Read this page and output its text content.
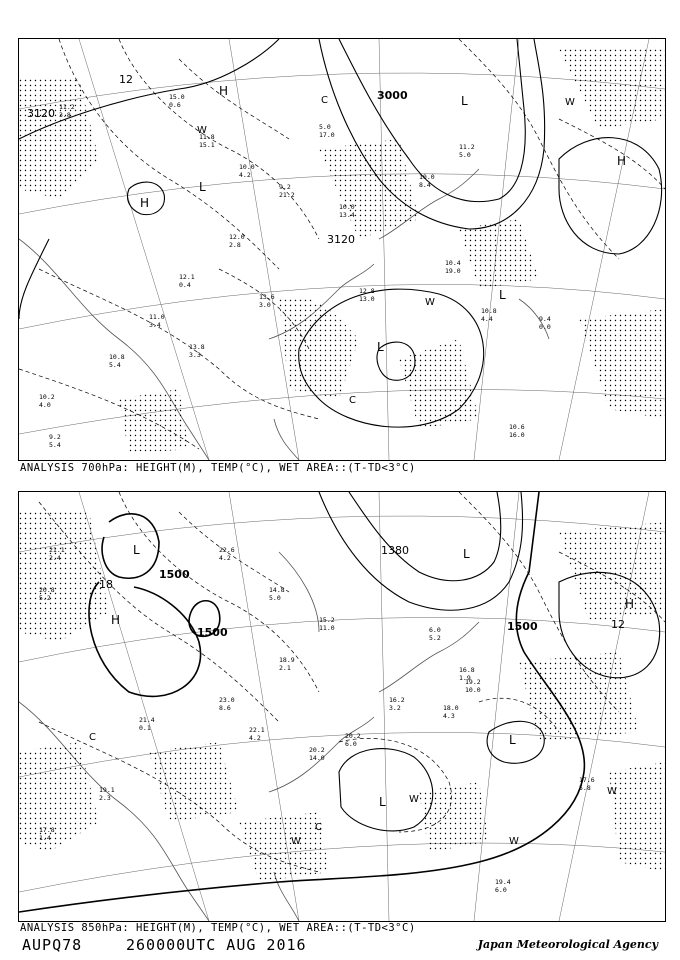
11.2
3.8
15.0
0.6
11.8
15.1
10.0
4.2
9.2
21.2
5.0
17.0
10.0
13.4
12.0
2.8
12.1
0.4
11.0
3.4
10.8
5.4
10.2
4.0
10.0
8.4
11.2
5.0
13.6
3.0
13.8
3.3
9.2
5.4
10.6
16.0
10.8
4.4	9.4
0.0
12.8
13.0
10.4
19.0
3120
3000
3120
12
H
H
H
L
L
L
L
W
W
W
C
C
ANALYSIS 700hPa: HEIGHT(M), TEMP(°C), WET AREA::(T-TD<3°C)
21.1
2.4
20.8
5.2
22.6
4.2
14.8
5.0
15.2
11.0
18.9
2.1
23.0
8.6
22.1
4.2
21.4
0.1
19.1
2.3
17.8
1.4
6.0
5.2
16.8
1.9
16.2
3.2
20.2
14.0
17.6
5.8
19.4
6.0
20.2
6.0
18.0
4.3
19.2
10.0
1500
1500	1500
1380
18
12
H
H
L	L
L
L
W
W
W
W
C
C
ANALYSIS 850hPa: HEIGHT(M), TEMP(°C), WET AREA::(T-TD<3°C)
AUPQ78	260000UTC AUG 2016	Japan Meteorological Agency
